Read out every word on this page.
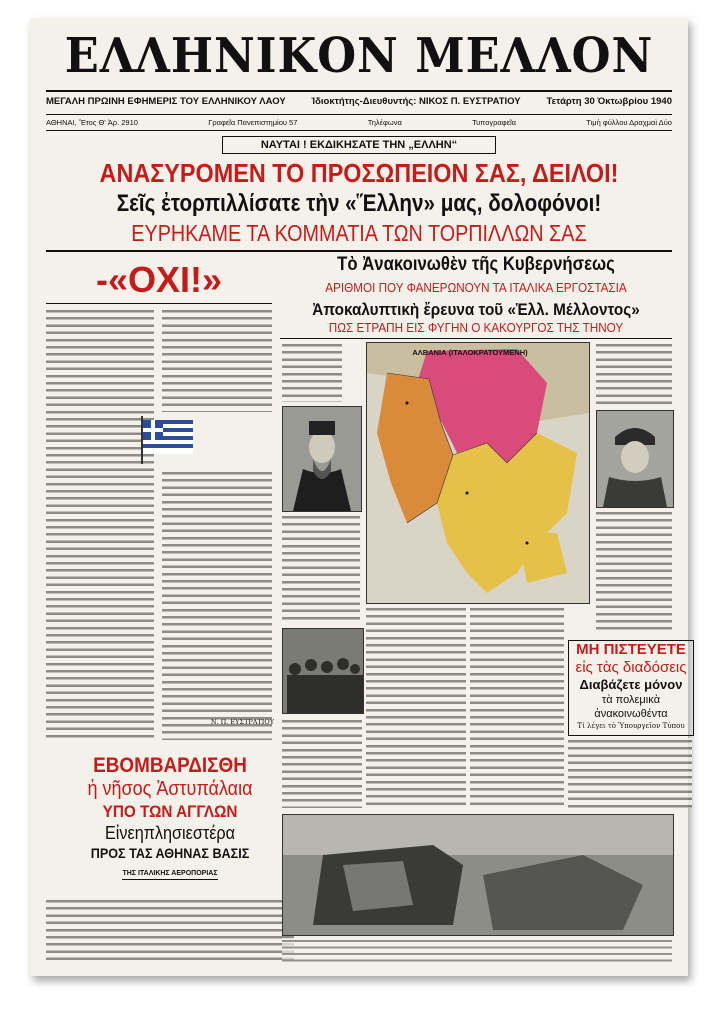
ΕΛΛΗΝΙΚΟΝ ΜΕΛΛΟΝ
ΜΕΓΑΛΗ ΠΡΩΙΝΗ ΕΦΗΜΕΡΙΣ ΤΟΥ ΕΛΛΗΝΙΚΟΥ ΛΑΟΥ	Ἰδιοκτήτης-Διευθυντής: ΝΙΚΟΣ Π. ΕΥΣΤΡΑΤΙΟΥ	Τετάρτη 30 Ὀκτωβρίου 1940
ΑΘΗΝΑΙ, Ἔτος Θ' Ἀρ. 2910	Γραφεῖα Πανεπιστημίου 57	Τηλέφωνα	Τυπογραφεῖα	Τιμὴ φύλλου Δραχμαὶ Δύο
ΝΑΥΤΑΙ ! ΕΚΔΙΚΗΣΑΤΕ ΤΗΝ „ΕΛΛΗΝ“
ΑΝΑΣΥΡΟΜΕΝ ΤΟ ΠΡΟΣΩΠΕΙΟΝ ΣΑΣ, ΔΕΙΛΟΙ!
Σεῖς ἐτορπιλλίσατε τὴν «Ἕλλην» μας, δολοφόνοι!
ΕΥΡΗΚΑΜΕ ΤΑ ΚΟΜΜΑΤΙΑ ΤΩΝ ΤΟΡΠΙΛΛΩΝ ΣΑΣ
-«ΟΧΙ!»
Ν. Π. ΕΥΣΤΡΑΤΙΟΥ
Τὸ Ἀνακοινωθὲν τῆς Κυβερνήσεως
ΑΡΙΘΜΟΙ ΠΟΥ ΦΑΝΕΡΩΝΟΥΝ ΤΑ ΙΤΑΛΙΚΑ ΕΡΓΟΣΤΑΣΙΑ
Ἀποκαλυπτικὴ ἔρευνα τοῦ «Ἑλλ. Μέλλοντος»
ΠΩΣ ΕΤΡΑΠΗ ΕΙΣ ΦΥΓΗΝ Ο ΚΑΚΟΥΡΓΟΣ ΤΗΣ ΤΗΝΟΥ
ΑΛΒΑΝΙΑ (ΙΤΑΛΟΚΡΑΤΟΥΜΕΝΗ)
ΜΗ ΠΙΣΤΕΥΕΤΕ
εἰς τὰς διαδόσεις
Διαβάζετε μόνον
τὰ πολεμικὰ ἀνακοινωθέντα
Τί λέγει τὸ Ὑπουργεῖον Τύπου
ΕΒΟΜΒΑΡΔΙΣΘΗ
ἡ νῆσος Ἀστυπάλαια
ΥΠΟ ΤΩΝ ΑΓΓΛΩΝ
Εἰνεηπλησιεστέρα
ΠΡΟΣ ΤΑΣ ΑΘΗΝΑΣ ΒΑΣΙΣ
ΤΗΣ ΙΤΑΛΙΚΗΣ ΑΕΡΟΠΟΡΙΑΣ
